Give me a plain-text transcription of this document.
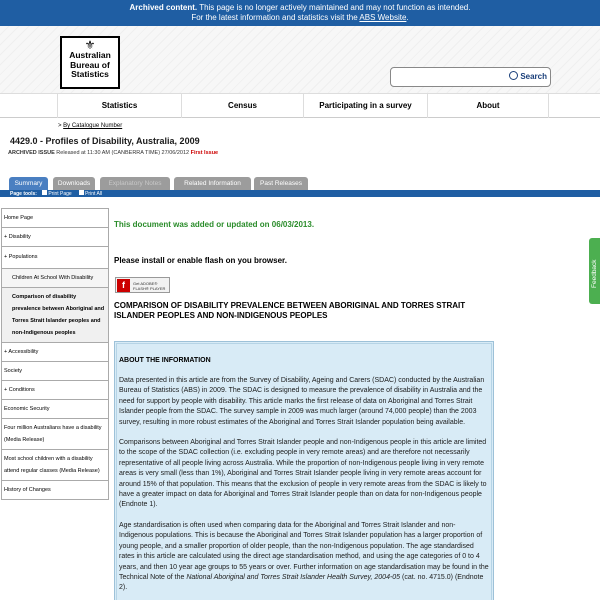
Archived content. This page is no longer actively maintained and may not function as intended.
For the latest information and statistics visit the ABS Website.
⚜
Australian
Bureau of
Statistics	Search
Statistics	Census	Participating in a survey	About
> By Catalogue Number
4429.0 - Profiles of Disability, Australia, 2009
ARCHIVED ISSUE Released at 11:30 AM (CANBERRA TIME) 27/06/2012 First Issue
Summary	Downloads	Explanatory Notes	Related Information	Past Releases
Page tools: Print Page	Print All
Home Page
+ Disability
+ Populations
Children At School With Disability
Comparison of disability prevalence between Aboriginal and Torres Strait Islander peoples and non-Indigenous peoples
+ Accessibility
Society
+ Conditions
Economic Security
Four million Australians have a disability (Media Release)
Most school children with a disability attend regular classes (Media Release)
History of Changes
This document was added or updated on 06/03/2013.
Please install or enable flash on you browser.
f	Get ADOBE®
FLASH® PLAYER
COMPARISON OF DISABILITY PREVALENCE BETWEEN ABORIGINAL AND TORRES STRAIT ISLANDER PEOPLES AND NON-INDIGENOUS PEOPLES
ABOUT THE INFORMATION

Data presented in this article are from the Survey of Disability, Ageing and Carers (SDAC) conducted by the Australian Bureau of Statistics (ABS) in 2009. The SDAC is designed to measure the prevalence of disability in Australia and the need for support by people with disability. This article marks the first release of data on Aboriginal and Torres Strait Islander people from the SDAC. The survey sample in 2009 was much larger (around 74,000 people) than the 2003 survey, resulting in more robust estimates of the Aboriginal and Torres Strait Islander population being available.

Comparisons between Aboriginal and Torres Strait Islander people and non-Indigenous people in this article are limited to the scope of the SDAC collection (i.e. excluding people in very remote areas) and are therefore not necessarily representative of all people living across Australia. While the proportion of non-Indigenous people living in very remote areas is very small (less than 1%), Aboriginal and Torres Strait Islander people living in very remote areas account for around 15% of that population. This means that the exclusion of people in very remote areas from the SDAC is likely to have a greater impact on data for Aboriginal and Torres Strait Islander people than on data for non-Indigenous people (Endnote 1).

Age standardisation is often used when comparing data for the Aboriginal and Torres Strait Islander and non-Indigenous populations. This is because the Aboriginal and Torres Strait Islander population has a larger proportion of young people, and a smaller proportion of older people, than the non-Indigenous population. The age standardised rates in this article are calculated using the direct age standardisation method, and using the age categories of 0 to 4 years, and then 10 year age groups to 55 years or over. Further information on age standardisation may be found in the Technical Note of the National Aboriginal and Torres Strait Islander Health Survey, 2004-05 (cat. no. 4715.0) (Endnote 2).

Feedback
